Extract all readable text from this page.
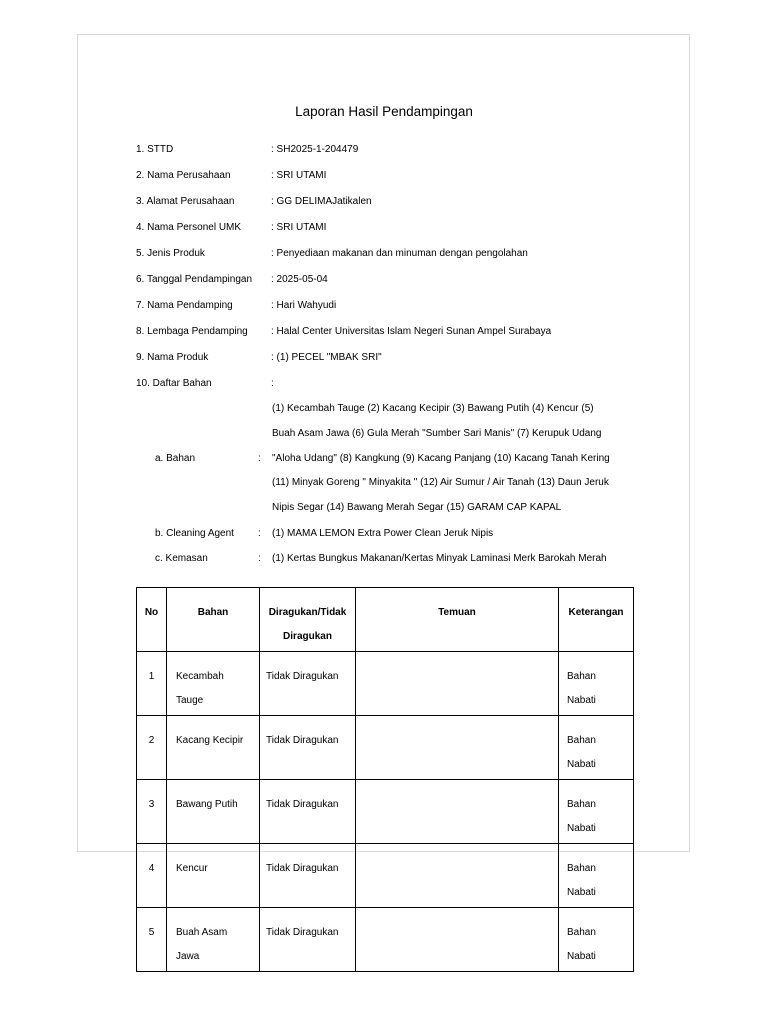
Laporan Hasil Pendampingan
1. STTD	: SH2025-1-204479
2. Nama Perusahaan	: SRI UTAMI
3. Alamat Perusahaan	: GG DELIMAJatikalen
4. Nama Personel UMK	: SRI UTAMI
5. Jenis Produk	: Penyediaan makanan dan minuman dengan pengolahan
6. Tanggal Pendampingan : 2025-05-04
7. Nama Pendamping	: Hari Wahyudi
8. Lembaga Pendamping : Halal Center Universitas Islam Negeri Sunan Ampel Surabaya
9. Nama Produk	: (1) PECEL "MBAK SRI"
10. Daftar Bahan	:
(1) Kecambah Tauge (2) Kacang Kecipir (3) Bawang Putih (4) Kencur (5)
Buah Asam Jawa (6) Gula Merah "Sumber Sari Manis" (7) Kerupuk Udang
a. Bahan	: "Aloha Udang" (8) Kangkung (9) Kacang Panjang (10) Kacang Tanah Kering
(11) Minyak Goreng " Minyakita " (12) Air Sumur / Air Tanah (13) Daun Jeruk
Nipis Segar (14) Bawang Merah Segar (15) GARAM CAP KAPAL
b. Cleaning Agent : (1) MAMA LEMON Extra Power Clean Jeruk Nipis
c. Kemasan	: (1) Kertas Bungkus Makanan/Kertas Minyak Laminasi Merk Barokah Merah
No	Bahan	Diragukan/Tidak
Diragukan	Temuan	Keterangan

1	Kecambah
Tauge	Tidak Diragukan		Bahan
Nabati

2	Kacang Kecipir	Tidak Diragukan		Bahan
Nabati

3	Bawang Putih	Tidak Diragukan		Bahan
Nabati

4	Kencur	Tidak Diragukan		Bahan
Nabati

5	Buah Asam
Jawa	Tidak Diragukan		Bahan
Nabati
